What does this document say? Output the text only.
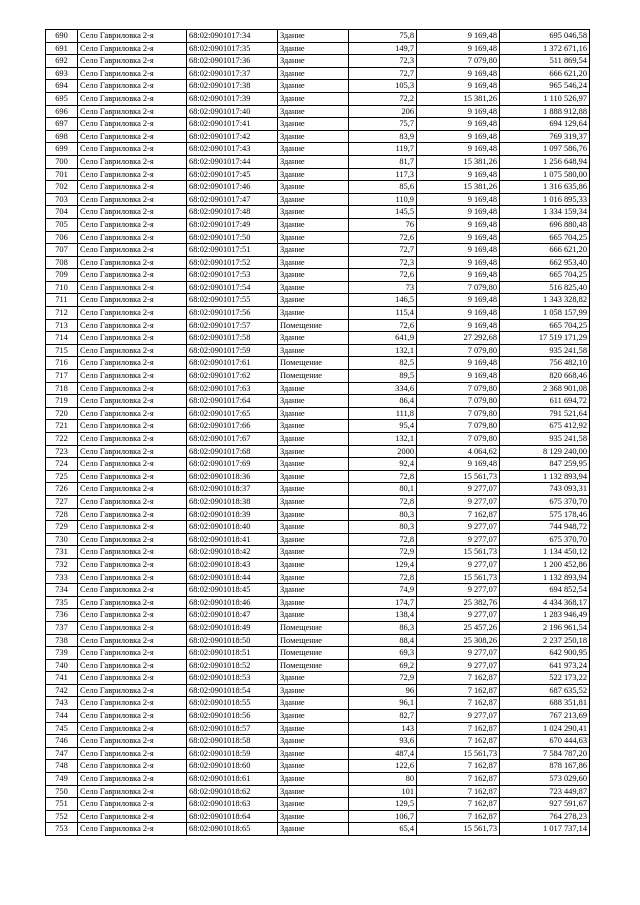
690	Село Гавриловка 2-я	68:02:0901017:34	Здание	75,8	9 169,48	695 046,58
691	Село Гавриловка 2-я	68:02:0901017:35	Здание	149,7	9 169,48	1 372 671,16
692	Село Гавриловка 2-я	68:02:0901017:36	Здание	72,3	7 079,80	511 869,54
693	Село Гавриловка 2-я	68:02:0901017:37	Здание	72,7	9 169,48	666 621,20
694	Село Гавриловка 2-я	68:02:0901017:38	Здание	105,3	9 169,48	965 546,24
695	Село Гавриловка 2-я	68:02:0901017:39	Здание	72,2	15 381,26	1 110 526,97
696	Село Гавриловка 2-я	68:02:0901017:40	Здание	206	9 169,48	1 888 912,88
697	Село Гавриловка 2-я	68:02:0901017:41	Здание	75,7	9 169,48	694 129,64
698	Село Гавриловка 2-я	68:02:0901017:42	Здание	83,9	9 169,48	769 319,37
699	Село Гавриловка 2-я	68:02:0901017:43	Здание	119,7	9 169,48	1 097 586,76
700	Село Гавриловка 2-я	68:02:0901017:44	Здание	81,7	15 381,26	1 256 648,94
701	Село Гавриловка 2-я	68:02:0901017:45	Здание	117,3	9 169,48	1 075 580,00
702	Село Гавриловка 2-я	68:02:0901017:46	Здание	85,6	15 381,26	1 316 635,86
703	Село Гавриловка 2-я	68:02:0901017:47	Здание	110,9	9 169,48	1 016 895,33
704	Село Гавриловка 2-я	68:02:0901017:48	Здание	145,5	9 169,48	1 334 159,34
705	Село Гавриловка 2-я	68:02:0901017:49	Здание	76	9 169,48	696 880,48
706	Село Гавриловка 2-я	68:02:0901017:50	Здание	72,6	9 169,48	665 704,25
707	Село Гавриловка 2-я	68:02:0901017:51	Здание	72,7	9 169,48	666 621,20
708	Село Гавриловка 2-я	68:02:0901017:52	Здание	72,3	9 169,48	662 953,40
709	Село Гавриловка 2-я	68:02:0901017:53	Здание	72,6	9 169,48	665 704,25
710	Село Гавриловка 2-я	68:02:0901017:54	Здание	73	7 079,80	516 825,40
711	Село Гавриловка 2-я	68:02:0901017:55	Здание	146,5	9 169,48	1 343 328,82
712	Село Гавриловка 2-я	68:02:0901017:56	Здание	115,4	9 169,48	1 058 157,99
713	Село Гавриловка 2-я	68:02:0901017:57	Помещение	72,6	9 169,48	665 704,25
714	Село Гавриловка 2-я	68:02:0901017:58	Здание	641,9	27 292,68	17 519 171,29
715	Село Гавриловка 2-я	68:02:0901017:59	Здание	132,1	7 079,80	935 241,58
716	Село Гавриловка 2-я	68:02:0901017:61	Помещение	82,5	9 169,48	756 482,10
717	Село Гавриловка 2-я	68:02:0901017:62	Помещение	89,5	9 169,48	820 668,46
718	Село Гавриловка 2-я	68:02:0901017:63	Здание	334,6	7 079,80	2 368 901,08
719	Село Гавриловка 2-я	68:02:0901017:64	Здание	86,4	7 079,80	611 694,72
720	Село Гавриловка 2-я	68:02:0901017:65	Здание	111,8	7 079,80	791 521,64
721	Село Гавриловка 2-я	68:02:0901017:66	Здание	95,4	7 079,80	675 412,92
722	Село Гавриловка 2-я	68:02:0901017:67	Здание	132,1	7 079,80	935 241,58
723	Село Гавриловка 2-я	68:02:0901017:68	Здание	2000	4 064,62	8 129 240,00
724	Село Гавриловка 2-я	68:02:0901017:69	Здание	92,4	9 169,48	847 259,95
725	Село Гавриловка 2-я	68:02:0901018:36	Здание	72,8	15 561,73	1 132 893,94
726	Село Гавриловка 2-я	68:02:0901018:37	Здание	80,1	9 277,07	743 093,31
727	Село Гавриловка 2-я	68:02:0901018:38	Здание	72,8	9 277,07	675 370,70
728	Село Гавриловка 2-я	68:02:0901018:39	Здание	80,3	7 162,87	575 178,46
729	Село Гавриловка 2-я	68:02:0901018:40	Здание	80,3	9 277,07	744 948,72
730	Село Гавриловка 2-я	68:02:0901018:41	Здание	72,8	9 277,07	675 370,70
731	Село Гавриловка 2-я	68:02:0901018:42	Здание	72,9	15 561,73	1 134 450,12
732	Село Гавриловка 2-я	68:02:0901018:43	Здание	129,4	9 277,07	1 200 452,86
733	Село Гавриловка 2-я	68:02:0901018:44	Здание	72,8	15 561,73	1 132 893,94
734	Село Гавриловка 2-я	68:02:0901018:45	Здание	74,9	9 277,07	694 852,54
735	Село Гавриловка 2-я	68:02:0901018:46	Здание	174,7	25 382,76	4 434 368,17
736	Село Гавриловка 2-я	68:02:0901018:47	Здание	138,4	9 277,07	1 283 946,49
737	Село Гавриловка 2-я	68:02:0901018:49	Помещение	86,3	25 457,26	2 196 961,54
738	Село Гавриловка 2-я	68:02:0901018:50	Помещение	88,4	25 308,26	2 237 250,18
739	Село Гавриловка 2-я	68:02:0901018:51	Помещение	69,3	9 277,07	642 900,95
740	Село Гавриловка 2-я	68:02:0901018:52	Помещение	69,2	9 277,07	641 973,24
741	Село Гавриловка 2-я	68:02:0901018:53	Здание	72,9	7 162,87	522 173,22
742	Село Гавриловка 2-я	68:02:0901018:54	Здание	96	7 162,87	687 635,52
743	Село Гавриловка 2-я	68:02:0901018:55	Здание	96,1	7 162,87	688 351,81
744	Село Гавриловка 2-я	68:02:0901018:56	Здание	82,7	9 277,07	767 213,69
745	Село Гавриловка 2-я	68:02:0901018:57	Здание	143	7 162,87	1 024 290,41
746	Село Гавриловка 2-я	68:02:0901018:58	Здание	93,6	7 162,87	670 444,63
747	Село Гавриловка 2-я	68:02:0901018:59	Здание	487,4	15 561,73	7 584 787,20
748	Село Гавриловка 2-я	68:02:0901018:60	Здание	122,6	7 162,87	878 167,86
749	Село Гавриловка 2-я	68:02:0901018:61	Здание	80	7 162,87	573 029,60
750	Село Гавриловка 2-я	68:02:0901018:62	Здание	101	7 162,87	723 449,87
751	Село Гавриловка 2-я	68:02:0901018:63	Здание	129,5	7 162,87	927 591,67
752	Село Гавриловка 2-я	68:02:0901018:64	Здание	106,7	7 162,87	764 278,23
753	Село Гавриловка 2-я	68:02:0901018:65	Здание	65,4	15 561,73	1 017 737,14
